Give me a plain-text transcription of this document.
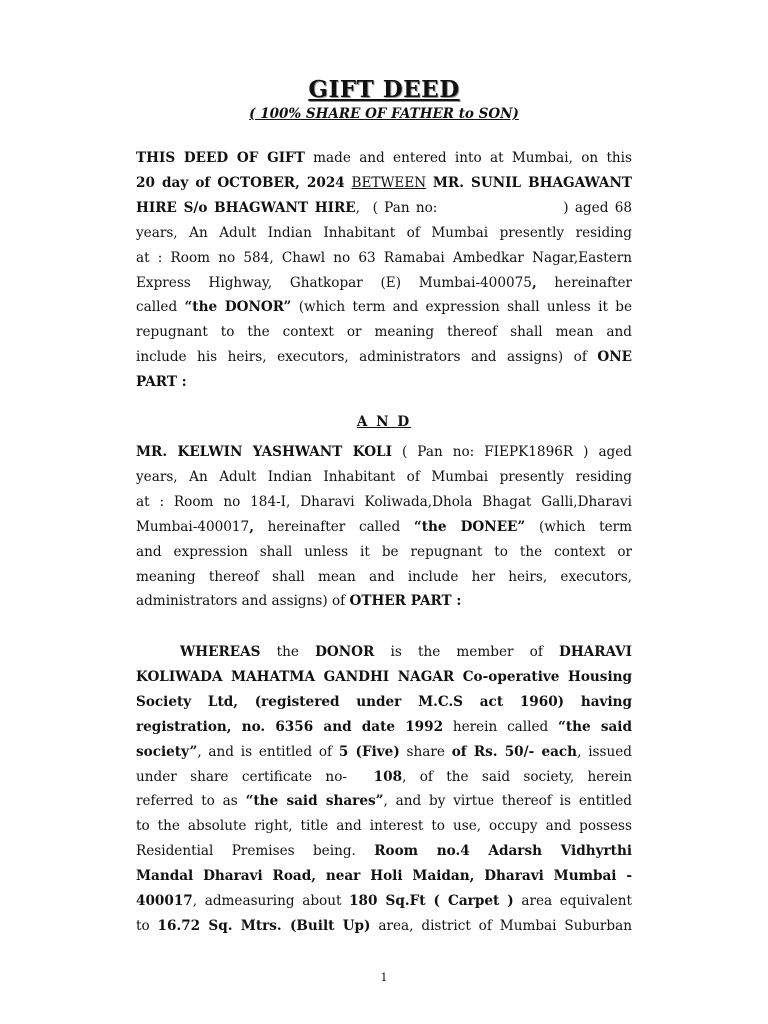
GIFT DEED
( 100% SHARE OF FATHER to SON)
THIS DEED OF GIFT made and entered into at Mumbai, on this
20 day of OCTOBER, 2024 BETWEEN MR. SUNIL BHAGAWANT
HIRE S/o BHAGWANT HIRE,  ( Pan no:                    ) aged 68
years, An Adult Indian Inhabitant of Mumbai presently residing
at : Room no 584, Chawl no 63 Ramabai Ambedkar Nagar,Eastern
Express Highway, Ghatkopar (E) Mumbai-400075, hereinafter
called “the DONOR” (which term and expression shall unless it be
repugnant to the context or meaning thereof shall mean and
include his heirs, executors, administrators and assigns) of ONE
PART :
A N D
MR. KELWIN YASHWANT KOLI ( Pan no: FIEPK1896R ) aged
years, An Adult Indian Inhabitant of Mumbai presently residing
at : Room no 184-I, Dharavi Koliwada,Dhola Bhagat Galli,Dharavi
Mumbai-400017, hereinafter called “the DONEE” (which term
and expression shall unless it be repugnant to the context or
meaning thereof shall mean and include her heirs, executors,
administrators and assigns) of OTHER PART :
WHEREAS the DONOR is the member of DHARAVI
KOLIWADA MAHATMA GANDHI NAGAR Co-operative Housing
Society Ltd, (registered under M.C.S act 1960) having
registration, no. 6356 and date 1992 herein called “the said
society”, and is entitled of 5 (Five) share of Rs. 50/- each, issued
under share certificate no-  108, of the said society, herein
referred to as “the said shares”, and by virtue thereof is entitled
to the absolute right, title and interest to use, occupy and possess
Residential Premises being. Room no.4 Adarsh Vidhyrthi
Mandal Dharavi Road, near Holi Maidan, Dharavi Mumbai -
400017, admeasuring about 180 Sq.Ft ( Carpet ) area equivalent
to 16.72 Sq. Mtrs. (Built Up) area, district of Mumbai Suburban
1
